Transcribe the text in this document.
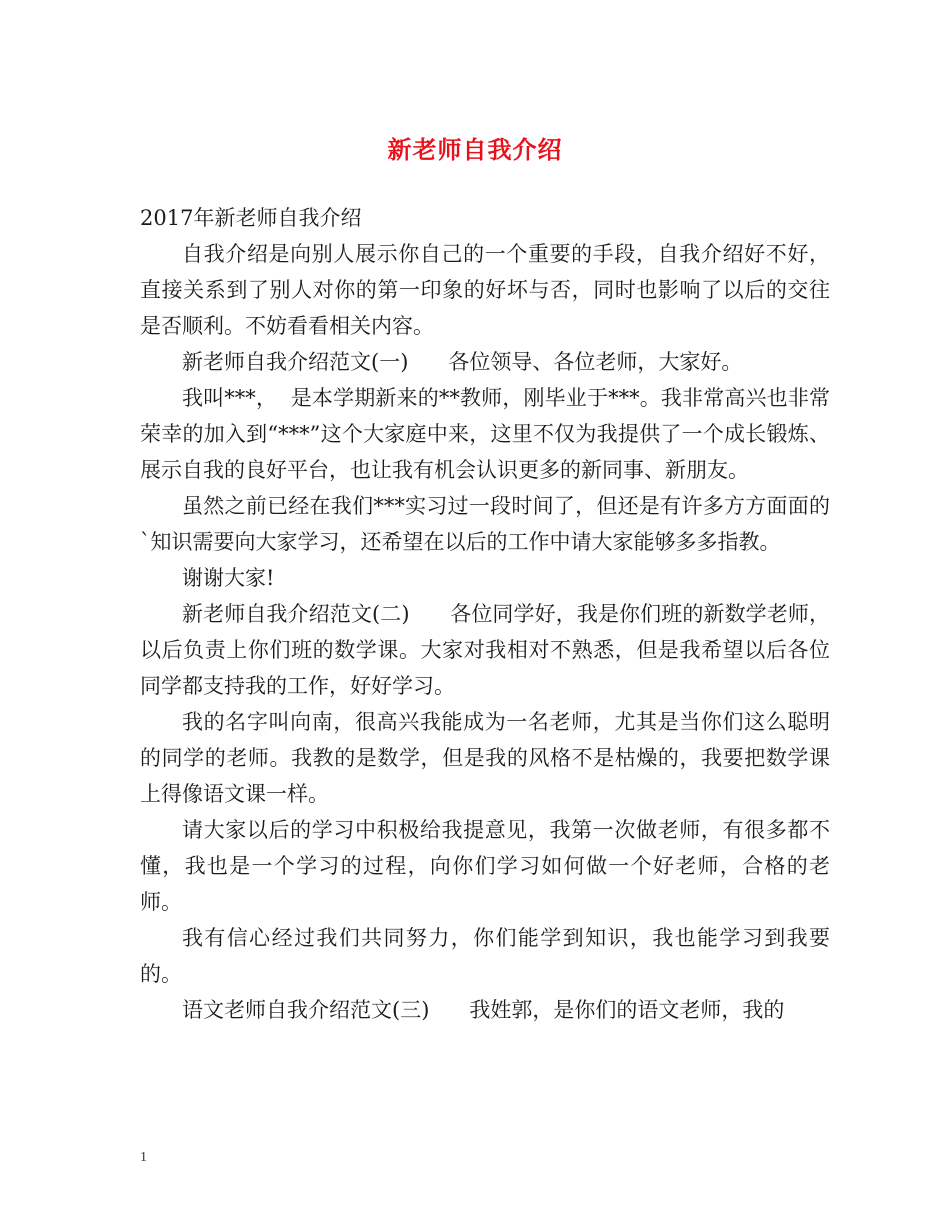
新老师自我介绍

2017年新老师自我介绍

自我介绍是向别人展示你自己的一个重要的手段，自我介绍好不好，直接关系到了别人对你的第一印象的好坏与否，同时也影响了以后的交往是否顺利。不妨看看相关内容。

新老师自我介绍范文(一)      各位领导、各位老师，大家好。

我叫***，  是本学期新来的**教师，刚毕业于***。我非常高兴也非常荣幸的加入到“***”这个大家庭中来，这里不仅为我提供了一个成长锻炼、展示自我的良好平台，也让我有机会认识更多的新同事、新朋友。

虽然之前已经在我们***实习过一段时间了，但还是有许多方方面面的`知识需要向大家学习，还希望在以后的工作中请大家能够多多指教。

谢谢大家!

新老师自我介绍范文(二)      各位同学好，我是你们班的新数学老师，以后负责上你们班的数学课。大家对我相对不熟悉，但是我希望以后各位同学都支持我的工作，好好学习。

我的名字叫向南，很高兴我能成为一名老师，尤其是当你们这么聪明的同学的老师。我教的是数学，但是我的风格不是枯燥的，我要把数学课上得像语文课一样。

请大家以后的学习中积极给我提意见，我第一次做老师，有很多都不懂，我也是一个学习的过程，向你们学习如何做一个好老师，合格的老师。

我有信心经过我们共同努力，你们能学到知识，我也能学习到我要的。

语文老师自我介绍范文(三)      我姓郭，是你们的语文老师，我的

1
